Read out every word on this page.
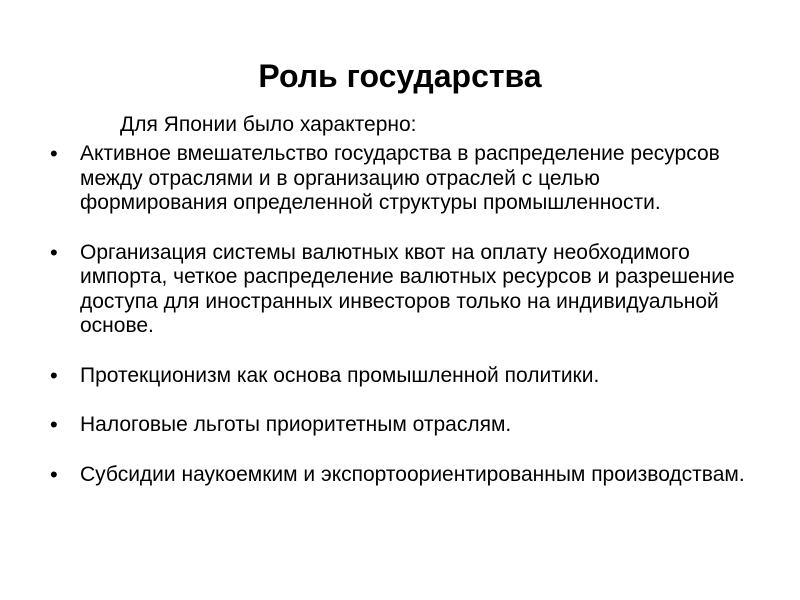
Роль государства
Для Японии было характерно:
• Активное вмешательство государства в распределение ресурсов между отраслями и в организацию отраслей с целью формирования определенной структуры промышленности.
• Организация системы валютных квот на оплату необходимого импорта, четкое распределение валютных ресурсов и разрешение доступа для иностранных инвесторов только на индивидуальной основе.
• Протекционизм как основа промышленной политики.
• Налоговые льготы приоритетным отраслям.
• Субсидии наукоемким и экспортоориентированным производствам.
